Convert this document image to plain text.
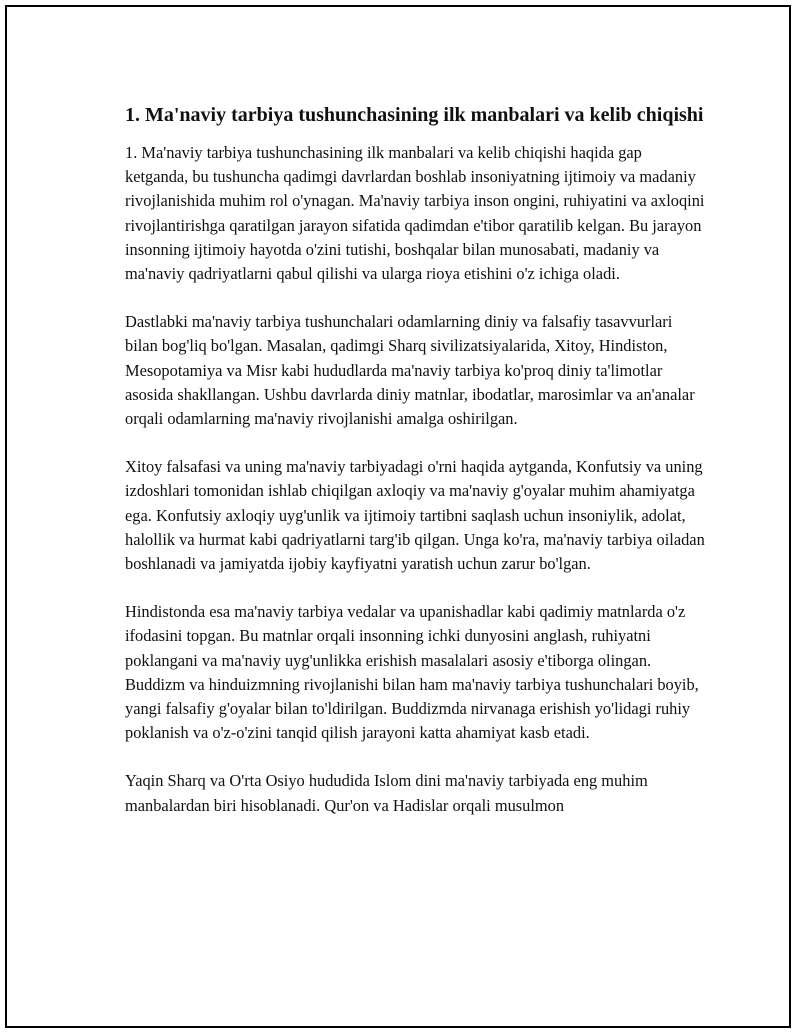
1. Ma'naviy tarbiya tushunchasining ilk manbalari va kelib chiqishi

1. Ma'naviy tarbiya tushunchasining ilk manbalari va kelib chiqishi haqida gap ketganda, bu tushuncha qadimgi davrlardan boshlab insoniyatning ijtimoiy va madaniy rivojlanishida muhim rol o'ynagan. Ma'naviy tarbiya inson ongini, ruhiyatini va axloqini rivojlantirishga qaratilgan jarayon sifatida qadimdan e'tibor qaratilib kelgan. Bu jarayon insonning ijtimoiy hayotda o'zini tutishi, boshqalar bilan munosabati, madaniy va ma'naviy qadriyatlarni qabul qilishi va ularga rioya etishini o'z ichiga oladi.

Dastlabki ma'naviy tarbiya tushunchalari odamlarning diniy va falsafiy tasavvurlari bilan bog'liq bo'lgan. Masalan, qadimgi Sharq sivilizatsiyalarida, Xitoy, Hindiston, Mesopotamiya va Misr kabi hududlarda ma'naviy tarbiya ko'proq diniy ta'limotlar asosida shakllangan. Ushbu davrlarda diniy matnlar, ibodatlar, marosimlar va an'analar orqali odamlarning ma'naviy rivojlanishi amalga oshirilgan.

Xitoy falsafasi va uning ma'naviy tarbiyadagi o'rni haqida aytganda, Konfutsiy va uning izdoshlari tomonidan ishlab chiqilgan axloqiy va ma'naviy g'oyalar muhim ahamiyatga ega. Konfutsiy axloqiy uyg'unlik va ijtimoiy tartibni saqlash uchun insoniylik, adolat, halollik va hurmat kabi qadriyatlarni targ'ib qilgan. Unga ko'ra, ma'naviy tarbiya oiladan boshlanadi va jamiyatda ijobiy kayfiyatni yaratish uchun zarur bo'lgan.

Hindistonda esa ma'naviy tarbiya vedalar va upanishadlar kabi qadimiy matnlarda o'z ifodasini topgan. Bu matnlar orqali insonning ichki dunyosini anglash, ruhiyatni poklangani va ma'naviy uyg'unlikka erishish masalalari asosiy e'tiborga olingan. Buddizm va hinduizmning rivojlanishi bilan ham ma'naviy tarbiya tushunchalari boyib, yangi falsafiy g'oyalar bilan to'ldirilgan. Buddizmda nirvanaga erishish yo'lidagi ruhiy poklanish va o'z-o'zini tanqid qilish jarayoni katta ahamiyat kasb etadi.

Yaqin Sharq va O'rta Osiyo hududida Islom dini ma'naviy tarbiyada eng muhim manbalardan biri hisoblanadi. Qur'on va Hadislar orqali musulmon
